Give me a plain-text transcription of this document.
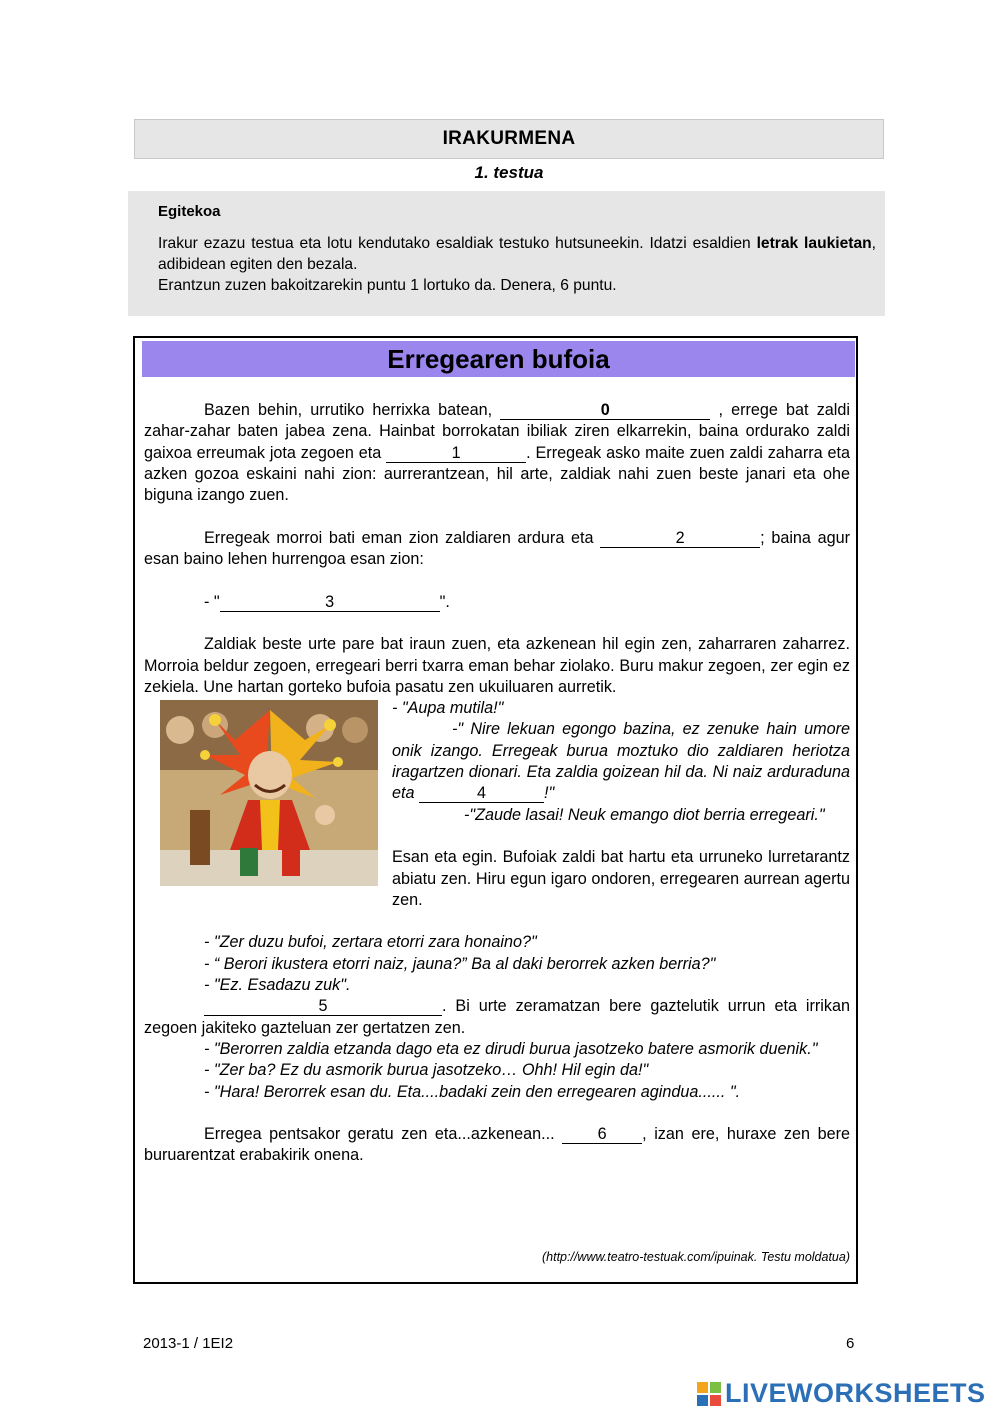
IRAKURMENA
1. testua
Egitekoa
Irakur ezazu testua eta lotu kendutako esaldiak testuko hutsuneekin. Idatzi esaldien letrak laukietan, adibidean egiten den bezala.
Erantzun zuzen bakoitzarekin puntu 1 lortuko da. Denera, 6 puntu.
Erregearen bufoia

Bazen behin, urrutiko herrixka batean,	0	, errege bat zaldi zahar-zahar baten jabea zena. Hainbat borrokatan ibiliak ziren elkarrekin, baina ordurako zaldi gaixoa erreumak jota zegoen eta	1	. Erregeak asko maite zuen zaldi zaharra eta azken gozoa eskaini nahi zion: aurrerantzean, hil arte, zaldiak nahi zuen beste janari eta ohe biguna izango zuen.

Erregeak morroi bati eman zion zaldiaren ardura eta	2	; baina agur esan baino lehen hurrengoa esan zion:

- "	3	".

Zaldiak beste urte pare bat iraun zuen, eta azkenean hil egin zen, zaharraren zaharrez. Morroia beldur zegoen, erregeari berri txarra eman behar ziolako. Buru makur zegoen, zer egin ez zekiela. Une hartan gorteko bufoia pasatu zen ukuiluaren aurretik.

- "Aupa mutila!"

-" Nire lekuan egongo bazina, ez zenuke hain umore onik izango. Erregeak burua moztuko dio zaldiaren heriotza iragartzen dionari. Eta zaldia goizean hil da. Ni naiz arduraduna eta	4	!"

-"Zaude lasai! Neuk emango diot berria erregeari."

Esan eta egin. Bufoiak zaldi bat hartu eta urruneko lurretarantz abiatu zen. Hiru egun igaro ondoren, erregearen aurrean agertu zen.

- "Zer duzu bufoi, zertara etorri zara honaino?"

- “ Berori ikustera etorri naiz, jauna?” Ba al daki berorrek azken berria?"

- "Ez. Esadazu zuk".

5	. Bi urte zeramatzan bere gaztelutik urrun eta irrikan zegoen jakiteko gazteluan zer gertatzen zen.

- "Berorren zaldia etzanda dago eta ez dirudi burua jasotzeko batere asmorik duenik."

- "Zer ba? Ez du asmorik burua jasotzeko… Ohh! Hil egin da!"

- "Hara! Berorrek esan du. Eta....badaki zein den erregearen agindua...... ".

Erregea pentsakor geratu zen eta...azkenean... 6 , izan ere, huraxe zen bere buruarentzat erabakirik onena.

(http://www.teatro-testuak.com/ipuinak. Testu moldatua)
2013-1 / 1EI2	6
LIVEWORKSHEETS
